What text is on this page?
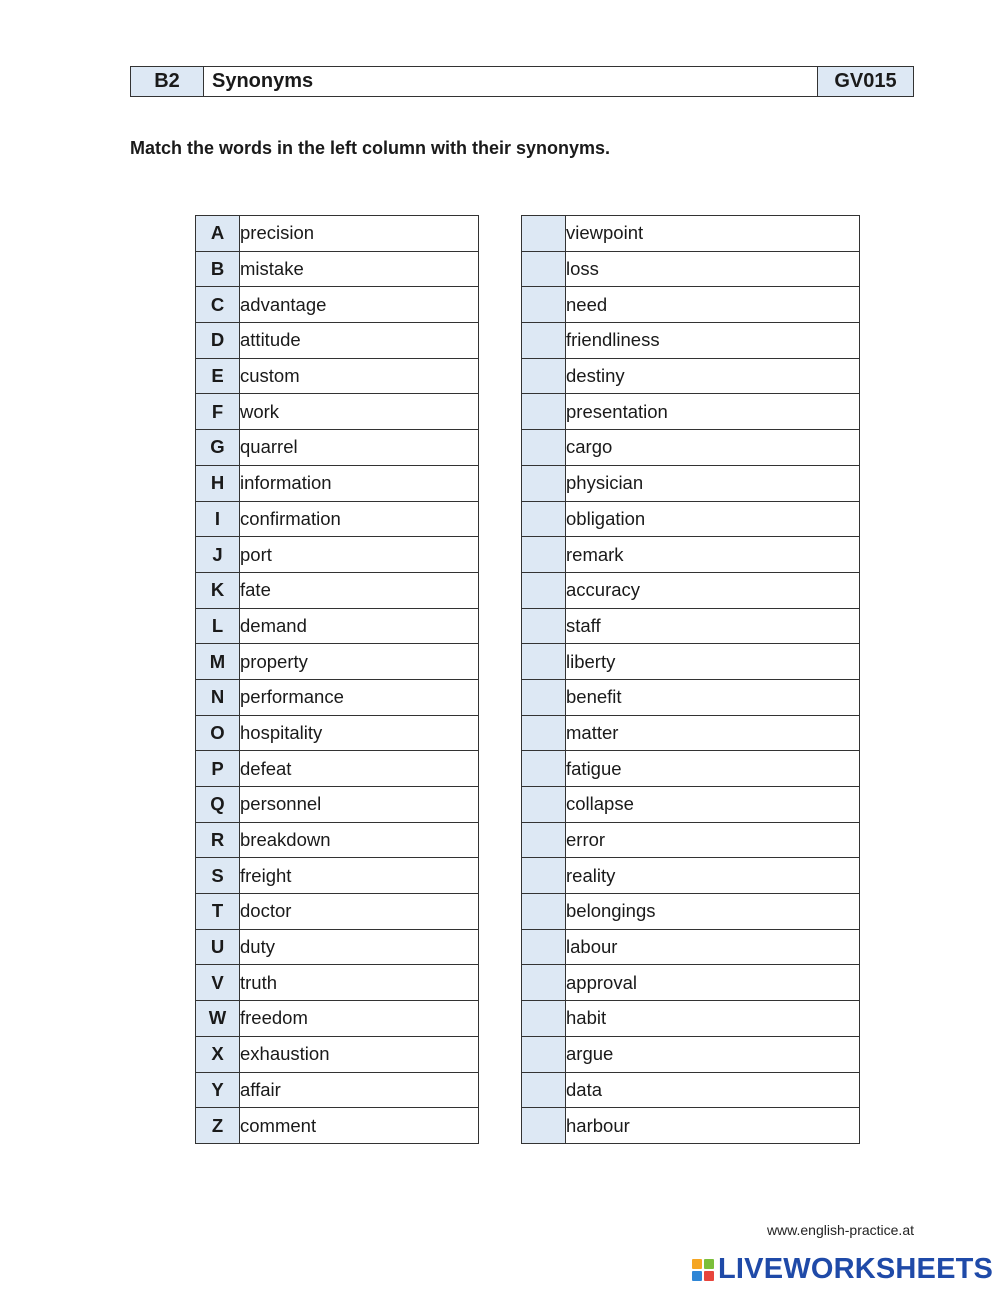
B2	Synonyms	GV015
Match the words in the left column with their synonyms.
A	precision
B	mistake
C	advantage
D	attitude
E	custom
F	work
G	quarrel
H	information
I	confirmation
J	port
K	fate
L	demand
M	property
N	performance
O	hospitality
P	defeat
Q	personnel
R	breakdown
S	freight
T	doctor
U	duty
V	truth
W	freedom
X	exhaustion
Y	affair
Z	comment
	viewpoint
	loss
	need
	friendliness
	destiny
	presentation
	cargo
	physician
	obligation
	remark
	accuracy
	staff
	liberty
	benefit
	matter
	fatigue
	collapse
	error
	reality
	belongings
	labour
	approval
	habit
	argue
	data
	harbour
www.english-practice.at
LIVEWORKSHEETS
